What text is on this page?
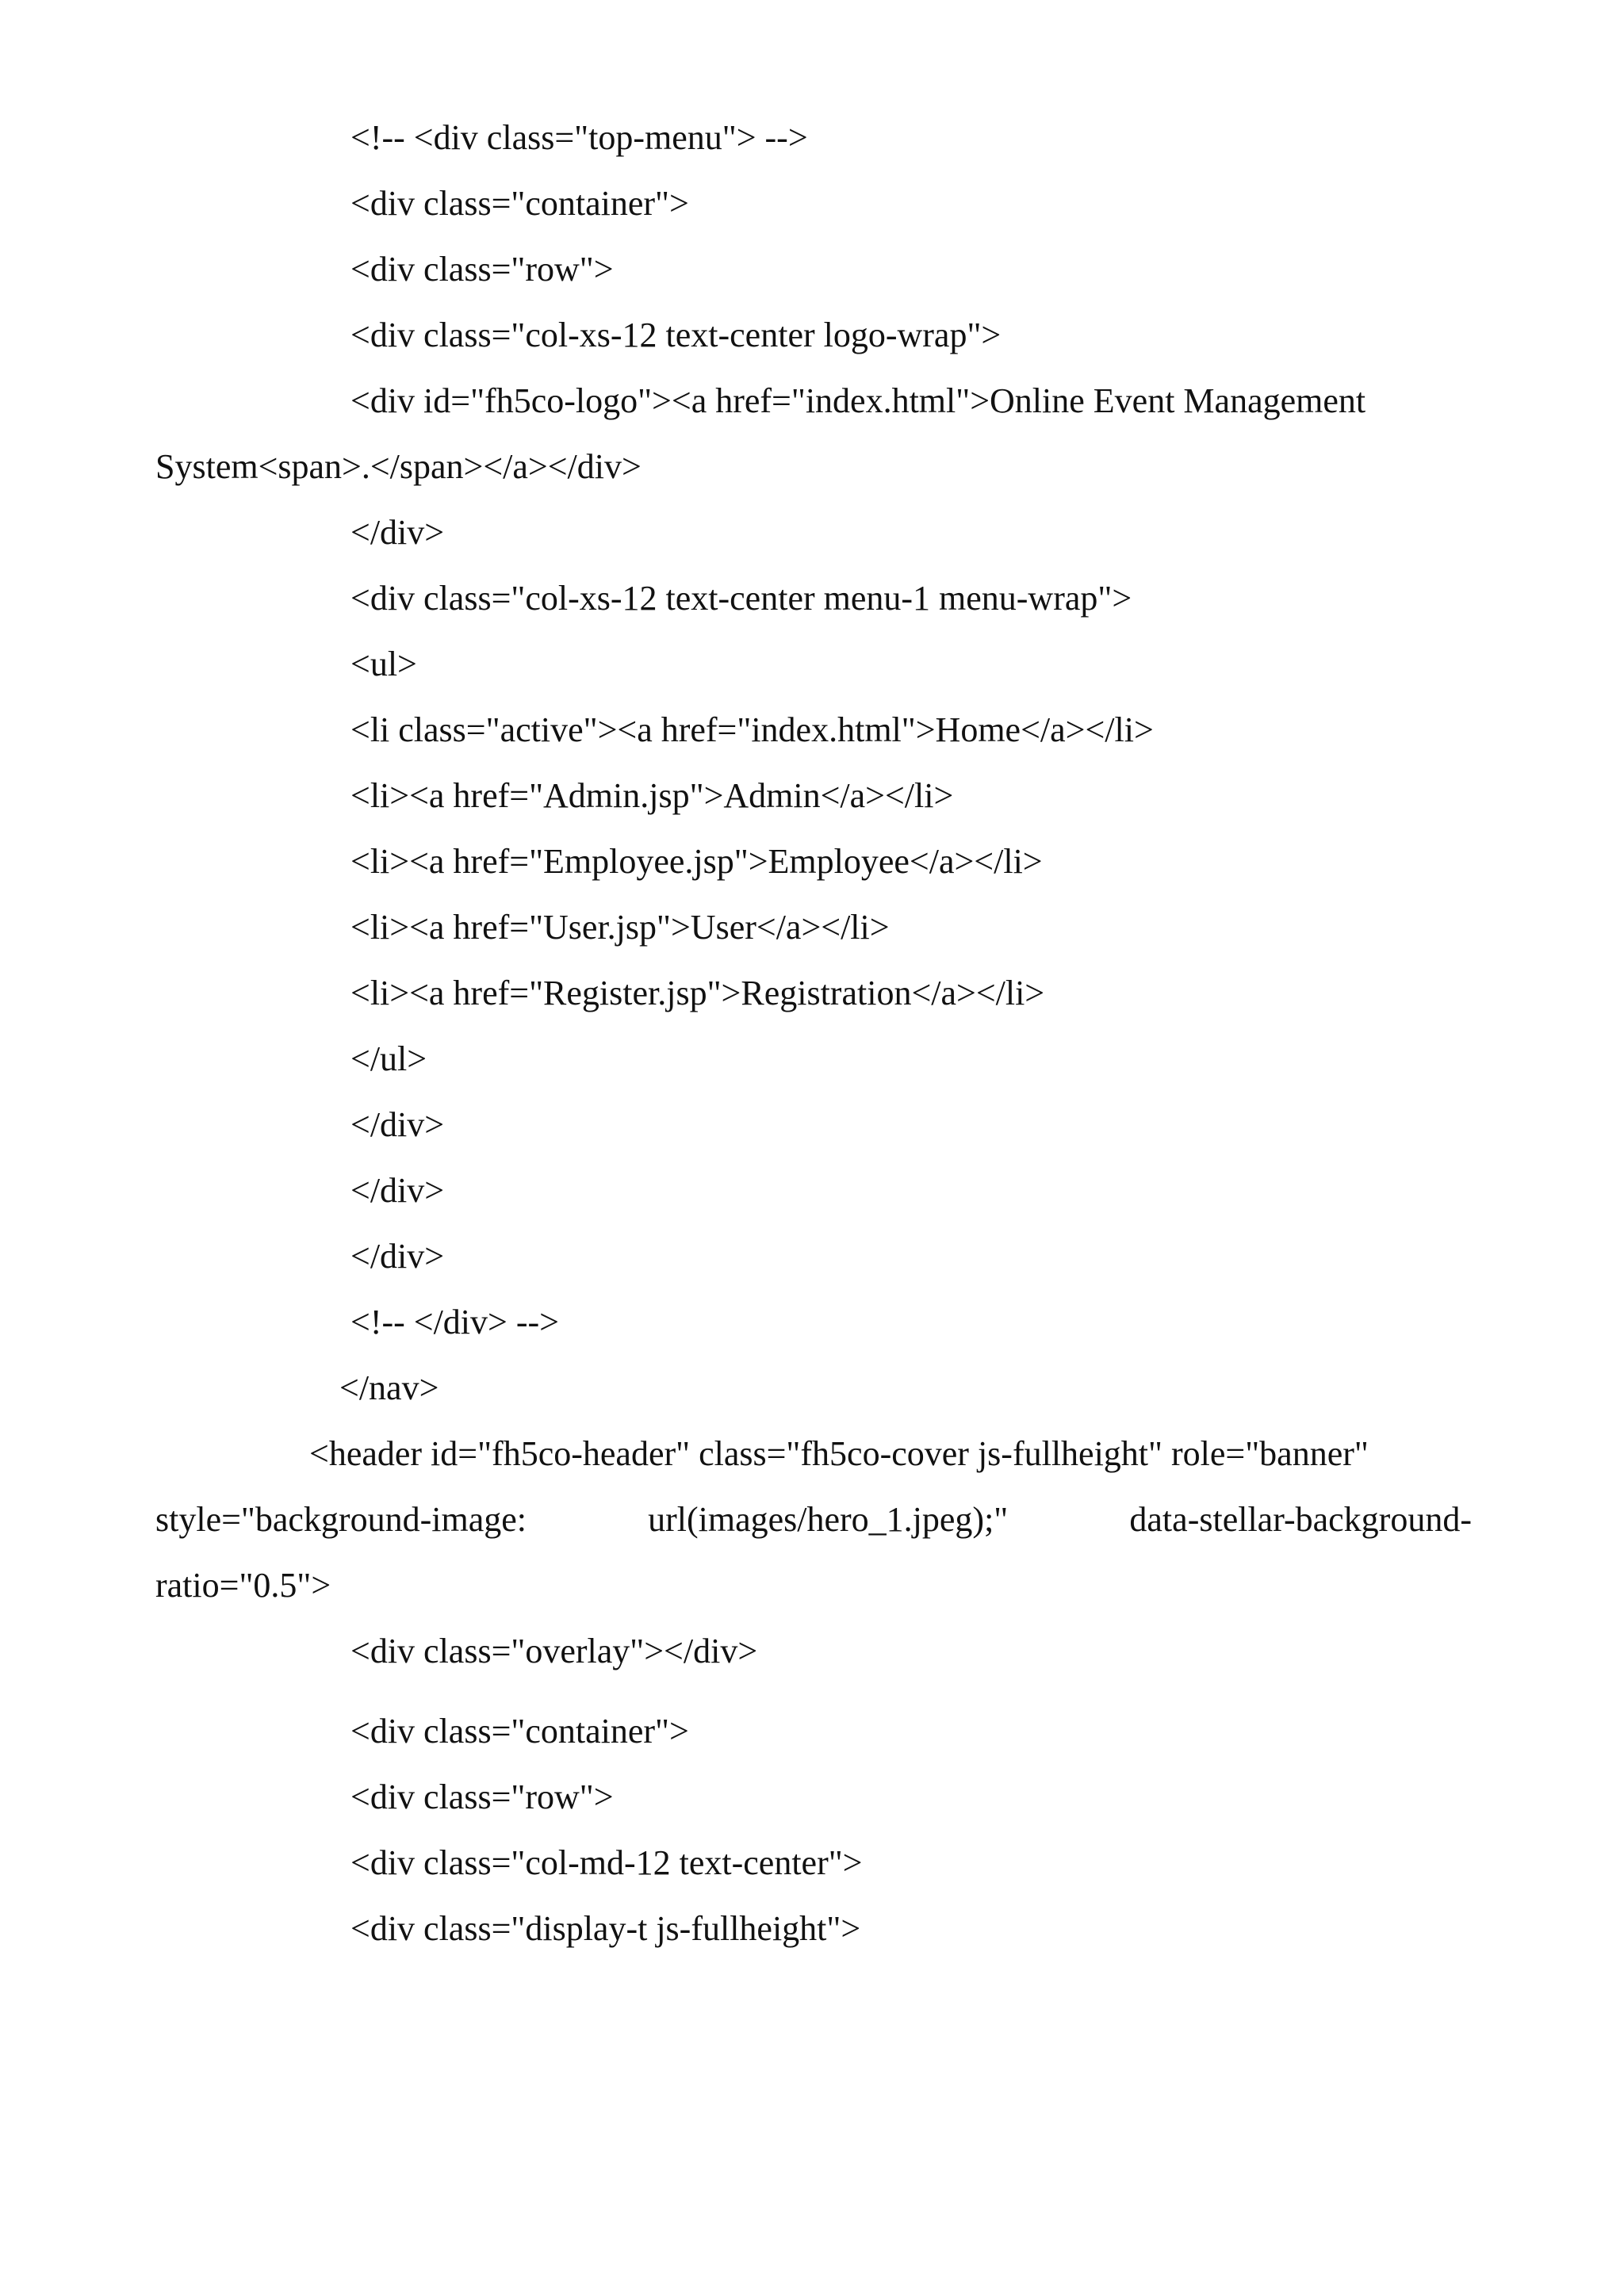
<!-- <div class="top-menu"> -->
<div class="container">
<div class="row">
<div class="col-xs-12 text-center logo-wrap">
<div id="fh5co-logo"><a href="index.html">Online Event Management
System<span>.</span></a></div>
</div>
<div class="col-xs-12 text-center menu-1 menu-wrap">
<ul>
<li class="active"><a href="index.html">Home</a></li>
<li><a href="Admin.jsp">Admin</a></li>
<li><a href="Employee.jsp">Employee</a></li>
<li><a href="User.jsp">User</a></li>
<li><a href="Register.jsp">Registration</a></li>
</ul>
</div>
</div>
</div>
<!-- </div> -->
</nav>
<header id="fh5co-header" class="fh5co-cover js-fullheight" role="banner"
style="background-image:	url(images/hero_1.jpeg);"	data-stellar-background-
ratio="0.5">
<div class="overlay"></div>
<div class="container">
<div class="row">
<div class="col-md-12 text-center">
<div class="display-t js-fullheight">
